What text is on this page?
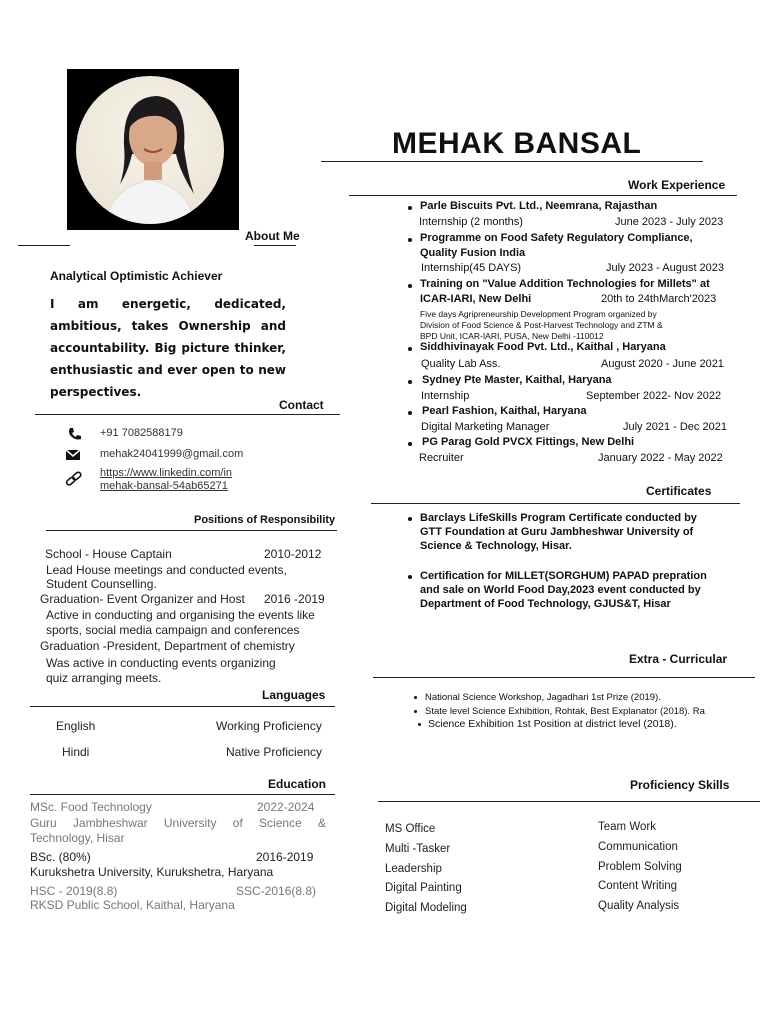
MEHAK BANSAL
About Me
Analytical Optimistic Achiever
I am energetic, dedicated, ambitious, takes Ownership and accountability. Big picture thinker, enthusiastic and ever open to new perspectives.
Contact
+91 7082588179
mehak24041999@gmail.com
https://www.linkedin.com/in
mehak-bansal-54ab65271
Positions of Responsibility
School - House Captain	2010-2012
Lead House meetings and conducted events,
Student Counselling.
Graduation- Event Organizer and Host 2016 -2019
Active in conducting and organising the events like
sports, social media campaign and conferences
Graduation -President, Department of chemistry
Was active in conducting events organizing
quiz arranging meets.
Languages
English	Working Proficiency
Hindi	Native Proficiency
Education
MSc. Food Technology	2022-2024
Guru Jambheshwar University of Science &
Technology, Hisar
BSc. (80%)	2016-2019
Kurukshetra University, Kurukshetra, Haryana
HSC - 2019(8.8)	SSC-2016(8.8)
RKSD Public School, Kaithal, Haryana
Work Experience
Parle Biscuits Pvt. Ltd., Neemrana, Rajasthan
Internship (2 months)	June 2023 - July 2023
Programme on Food Safety Regulatory Compliance,
Quality Fusion India
Internship(45 DAYS)	July 2023 - August 2023
Training on "Value Addition Technologies for Millets" at
ICAR-IARI, New Delhi	20th to 24thMarch'2023
Five days Agripreneurship Development Program organized by
Division of Food Science & Post-Harvest Technology and ZTM &
BPD Unit, ICAR-IARI, PUSA, New Delhi -110012
Siddhivinayak Food Pvt. Ltd., Kaithal , Haryana
Quality Lab Ass.	August 2020 - June 2021
Sydney Pte Master, Kaithal, Haryana
Internship	September 2022- Nov 2022
Pearl Fashion, Kaithal, Haryana
Digital Marketing Manager	July 2021 - Dec 2021
PG Parag Gold PVCX Fittings, New Delhi
Recruiter	January 2022 - May 2022
Certificates
Barclays LifeSkills Program Certificate conducted by
GTT Foundation at Guru Jambheshwar University of
Science & Technology, Hisar.
Certification for MILLET(SORGHUM) PAPAD prepration
and sale on World Food Day,2023 event conducted by
Department of Food Technology, GJUS&T, Hisar
Extra - Curricular
National Science Workshop, Jagadhari 1st Prize (2019).
State level Science Exhibition, Rohtak, Best Explanator (2018). Ra
Science Exhibition 1st Position at district level (2018).
Proficiency Skills
MS Office
Multi -Tasker
Leadership
Digital Painting
Digital Modeling
Team Work
Communication
Problem Solving
Content Writing
Quality Analysis
